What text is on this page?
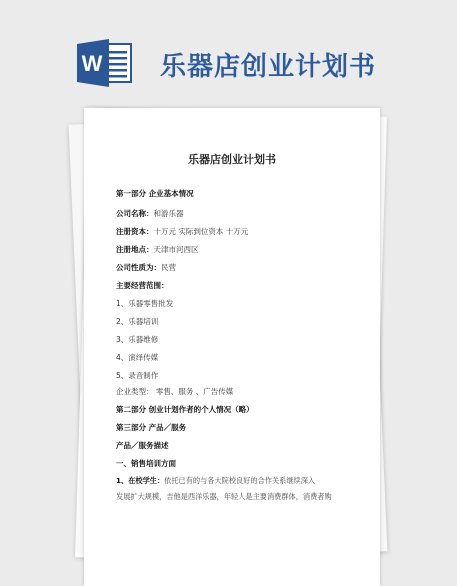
W 乐器店创业计划书
乐器店创业计划书
第一部分 企业基本情况
公司名称：和游乐器
注册资本：十万元 实际到位资本 十万元
注册地点：天津市河西区
公司性质为：民营
主要经营范围：
1、乐器零售批发
2、乐器培训
3、乐器维修
4、演绎传媒
5、录音制作
企业类型： 零售、服务 、广告传媒
第二部分 创业计划作者的个人情况（略）
第三部分 产品／服务
产品／服务描述
一、销售培训方面
1、在校学生：依托已有的与各大院校良好的合作关系继续深入
发展扩大规模，吉他是西洋乐器，年轻人是主要消费群体，消费者购
